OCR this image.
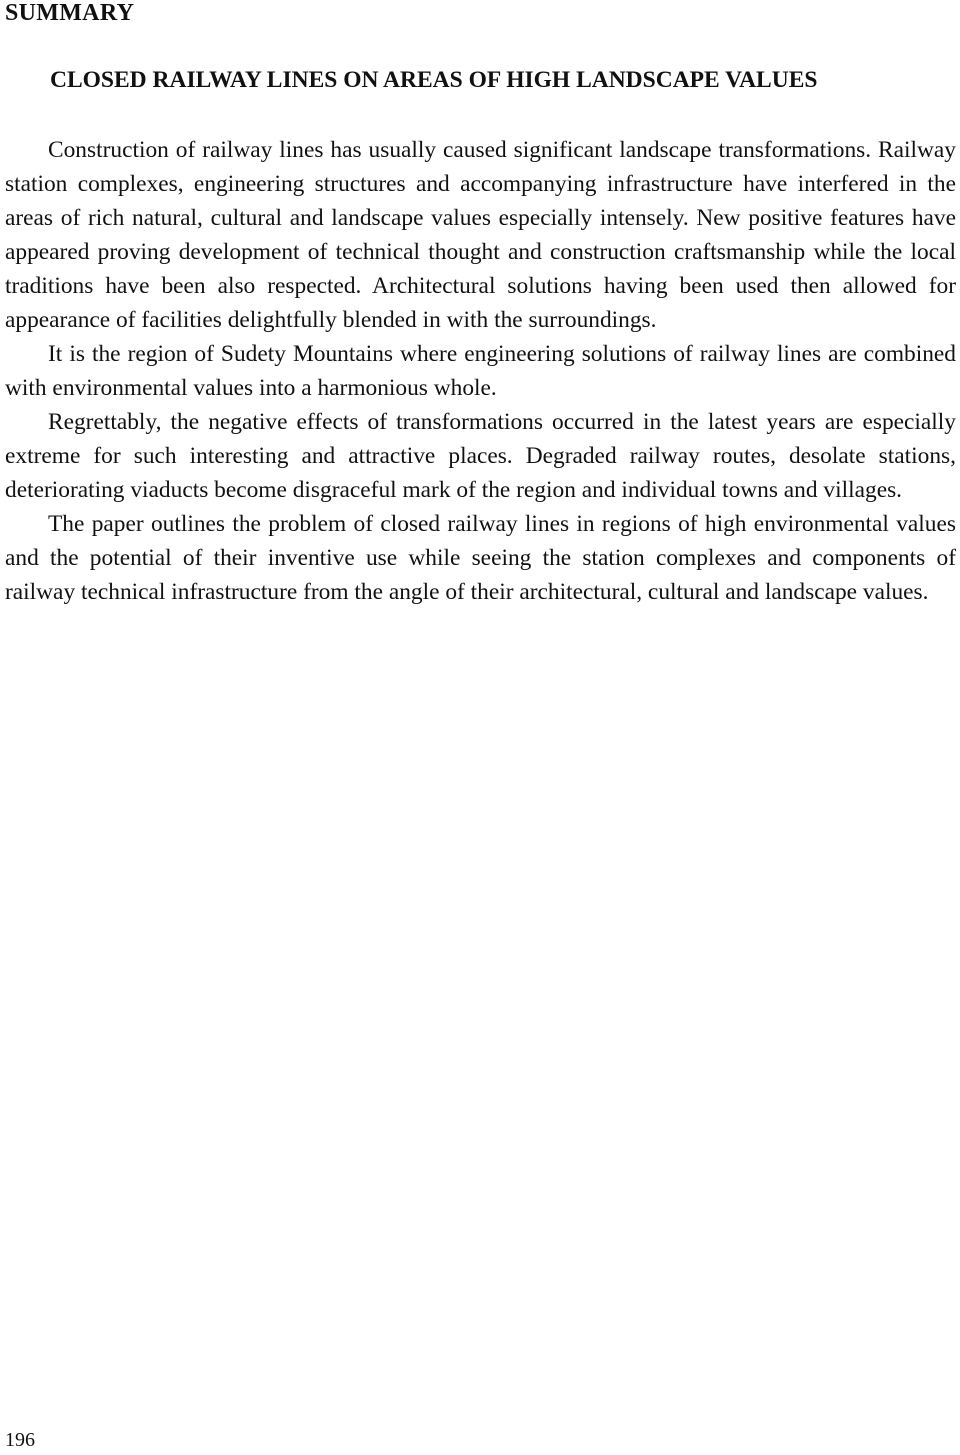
SUMMARY
CLOSED RAILWAY LINES ON AREAS OF HIGH LANDSCAPE VALUES

Construction of railway lines has usually caused significant landscape transformations. Railway station complexes, engineering structures and accompanying infrastructure have interfered in the areas of rich natural, cultural and landscape values especially intensely. New positive features have appeared proving development of technical thought and construction craftsmanship while the local traditions have been also respected. Architectural solutions having been used then allowed for appearance of facilities delightfully blended in with the surroundings.

It is the region of Sudety Mountains where engineering solutions of railway lines are combined with environmental values into a harmonious whole.

Regrettably, the negative effects of transformations occurred in the latest years are especially extreme for such interesting and attractive places. Degraded railway routes, desolate stations, deteriorating viaducts become disgraceful mark of the region and individual towns and villages.

The paper outlines the problem of closed railway lines in regions of high environmental values and the potential of their inventive use while seeing the station complexes and components of railway technical infrastructure from the angle of their architectural, cultural and landscape values.

196
